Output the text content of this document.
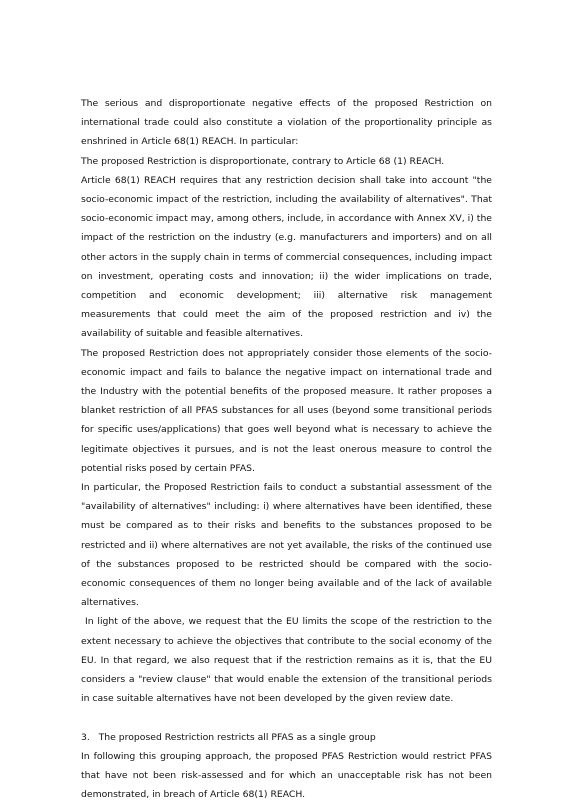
The serious and disproportionate negative effects of the proposed Restriction on international trade could also constitute a violation of the proportionality principle as enshrined in Article 68(1) REACH. In particular:

The proposed Restriction is disproportionate, contrary to Article 68 (1) REACH.

Article 68(1) REACH requires that any restriction decision shall take into account "the socio-economic impact of the restriction, including the availability of alternatives". That socio-economic impact may, among others, include, in accordance with Annex XV, i) the impact of the restriction on the industry (e.g. manufacturers and importers) and on all other actors in the supply chain in terms of commercial consequences, including impact on investment, operating costs and innovation; ii) the wider implications on trade, competition and economic development; iii) alternative risk management measurements that could meet the aim of the proposed restriction and iv) the availability of suitable and feasible alternatives.

The proposed Restriction does not appropriately consider those elements of the socio-economic impact and fails to balance the negative impact on international trade and the Industry with the potential benefits of the proposed measure. It rather proposes a blanket restriction of all PFAS substances for all uses (beyond some transitional periods for specific uses/applications) that goes well beyond what is necessary to achieve the legitimate objectives it pursues, and is not the least onerous measure to control the potential risks posed by certain PFAS.

In particular, the Proposed Restriction fails to conduct a substantial assessment of the "availability of alternatives" including: i) where alternatives have been identified, these must be compared as to their risks and benefits to the substances proposed to be restricted and ii) where alternatives are not yet available, the risks of the continued use of the substances proposed to be restricted should be compared with the socio-economic consequences of them no longer being available and of the lack of available alternatives.

In light of the above, we request that the EU limits the scope of the restriction to the extent necessary to achieve the objectives that contribute to the social economy of the EU. In that regard, we also request that if the restriction remains as it is, that the EU considers a "review clause" that would enable the extension of the transitional periods in case suitable alternatives have not been developed by the given review date.

3.   The proposed Restriction restricts all PFAS as a single group

In following this grouping approach, the proposed PFAS Restriction would restrict PFAS that have not been risk-assessed and for which an unacceptable risk has not been demonstrated, in breach of Article 68(1) REACH.
